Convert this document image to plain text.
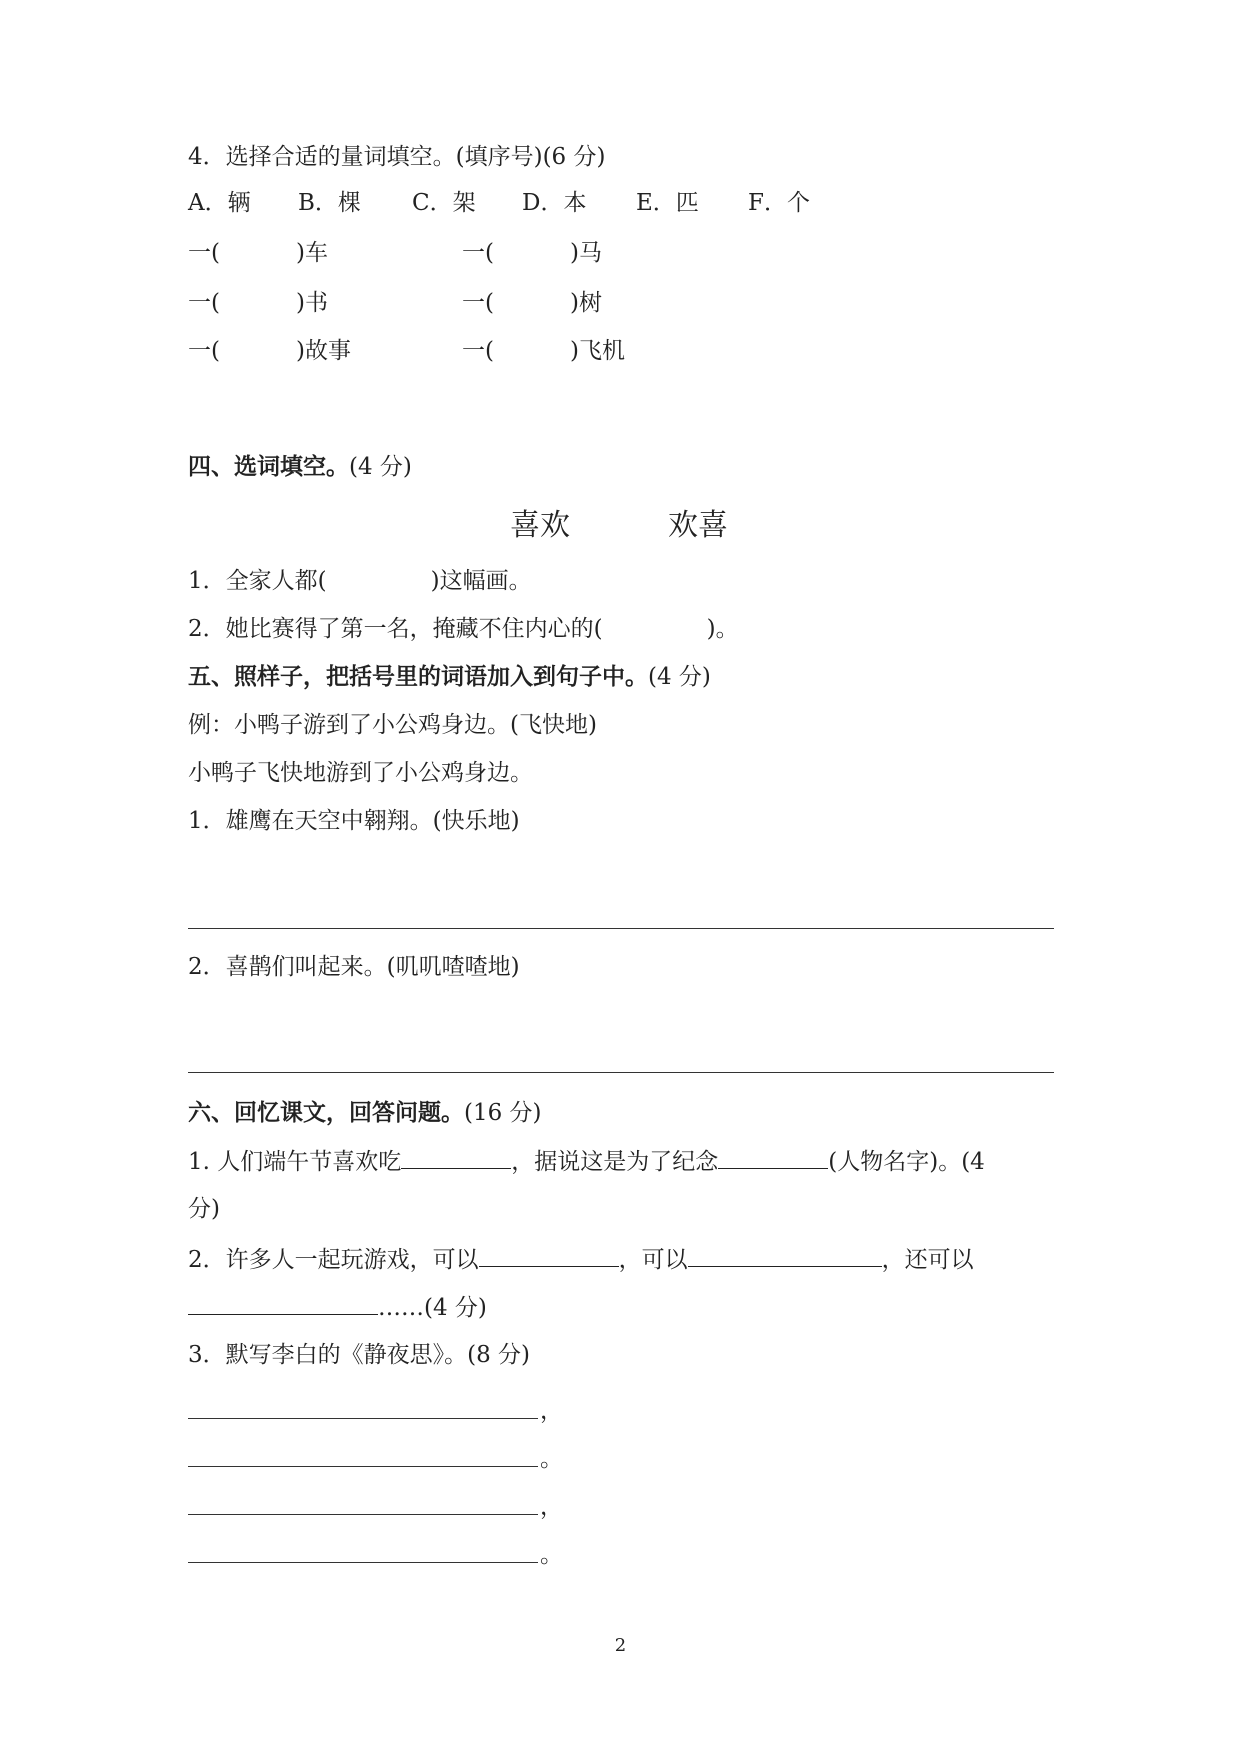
4．选择合适的量词填空。(填序号)(6 分)
A．辆 B．棵 C．架 D．本 E．匹 F．个
一(	)车	一(	)马
一(	)书	一(	)树
一(	)故事	一(	)飞机
四、选词填空。(4 分)
喜欢	欢喜
1．全家人都(	)这幅画。
2．她比赛得了第一名，掩藏不住内心的(	)。
五、照样子，把括号里的词语加入到句子中。(4 分)
例：小鸭子游到了小公鸡身边。(飞快地)
小鸭子飞快地游到了小公鸡身边。
1．雄鹰在天空中翱翔。(快乐地)
2．喜鹊们叫起来。(叽叽喳喳地)
六、回忆课文，回答问题。(16 分)
1. 人们端午节喜欢吃	，据说这是为了纪念	(人物名字)。(4
分)
2．许多人一起玩游戏，可以	，可以	，还可以
……(4 分)
3．默写李白的《静夜思》。(8 分)
，
。
，
。
2
